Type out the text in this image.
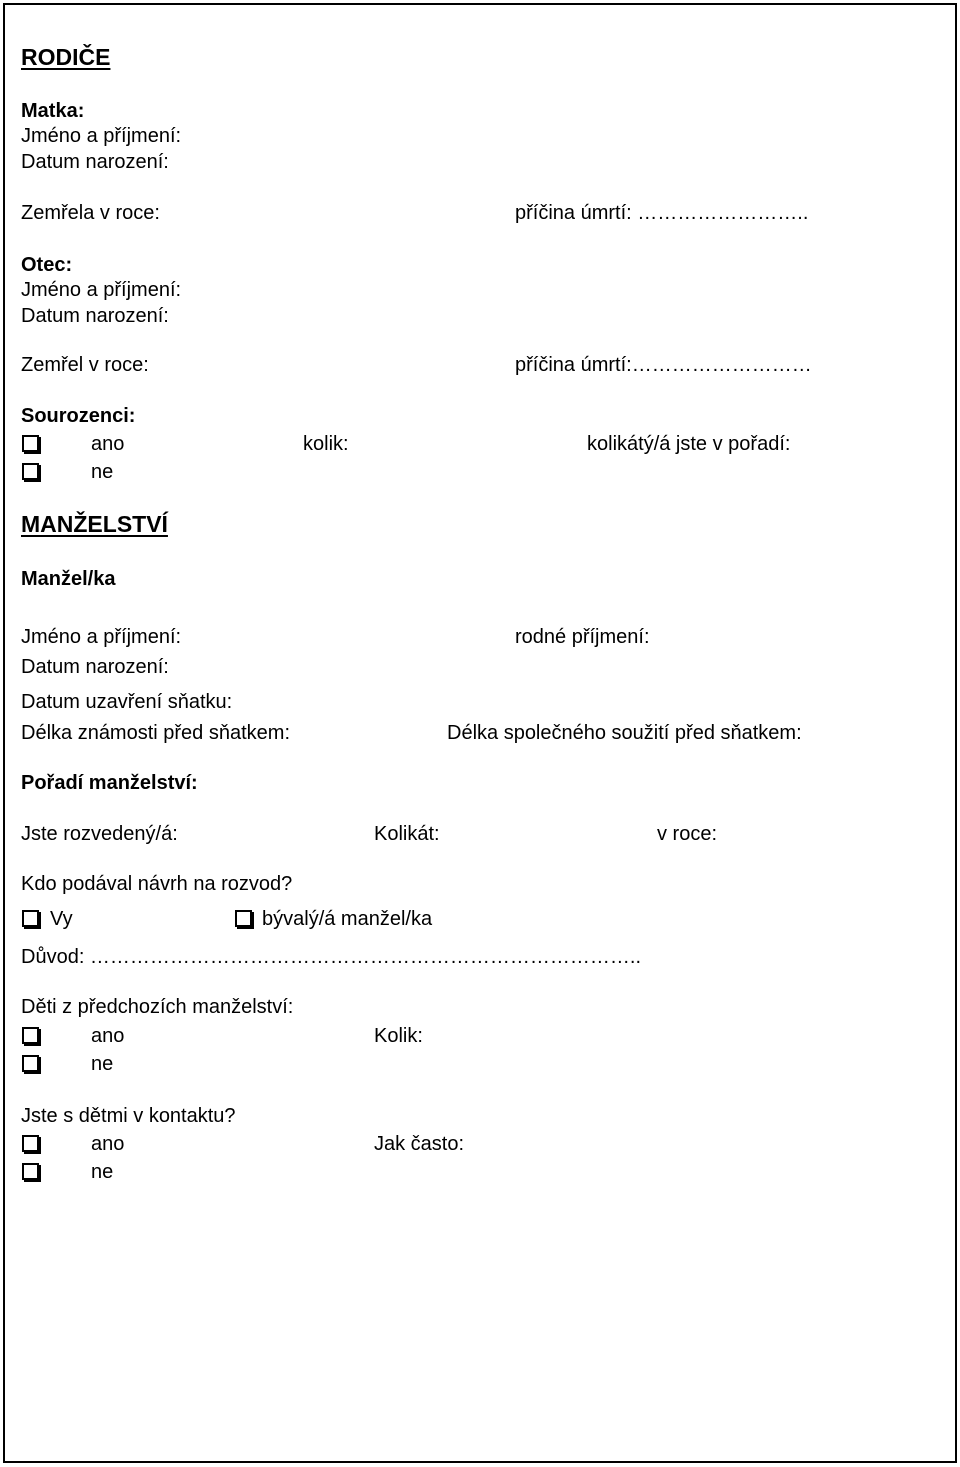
RODIČE
Matka:
Jméno a příjmení:
Datum narození:
Zemřela v roce:	příčina úmrtí: ……………………..
Otec:
Jméno a příjmení:
Datum narození:
Zemřel v roce:	příčina úmrtí:………………………
Sourozenci:
ano	kolik:	kolikátý/á jste v pořadí:
ne
MANŽELSTVÍ
Manžel/ka
Jméno a příjmení:	rodné příjmení:
Datum narození:
Datum uzavření sňatku:
Délka známosti před sňatkem:	Délka společného soužití před sňatkem:
Pořadí manželství:
Jste rozvedený/á:	Kolikát:	v roce:
Kdo podával návrh na rozvod?
Vy	bývalý/á manžel/ka
Důvod: ………………………………………………………………………..
Děti z předchozích manželství:
ano	Kolik:
ne
Jste s dětmi v kontaktu?
ano	Jak často:
ne
